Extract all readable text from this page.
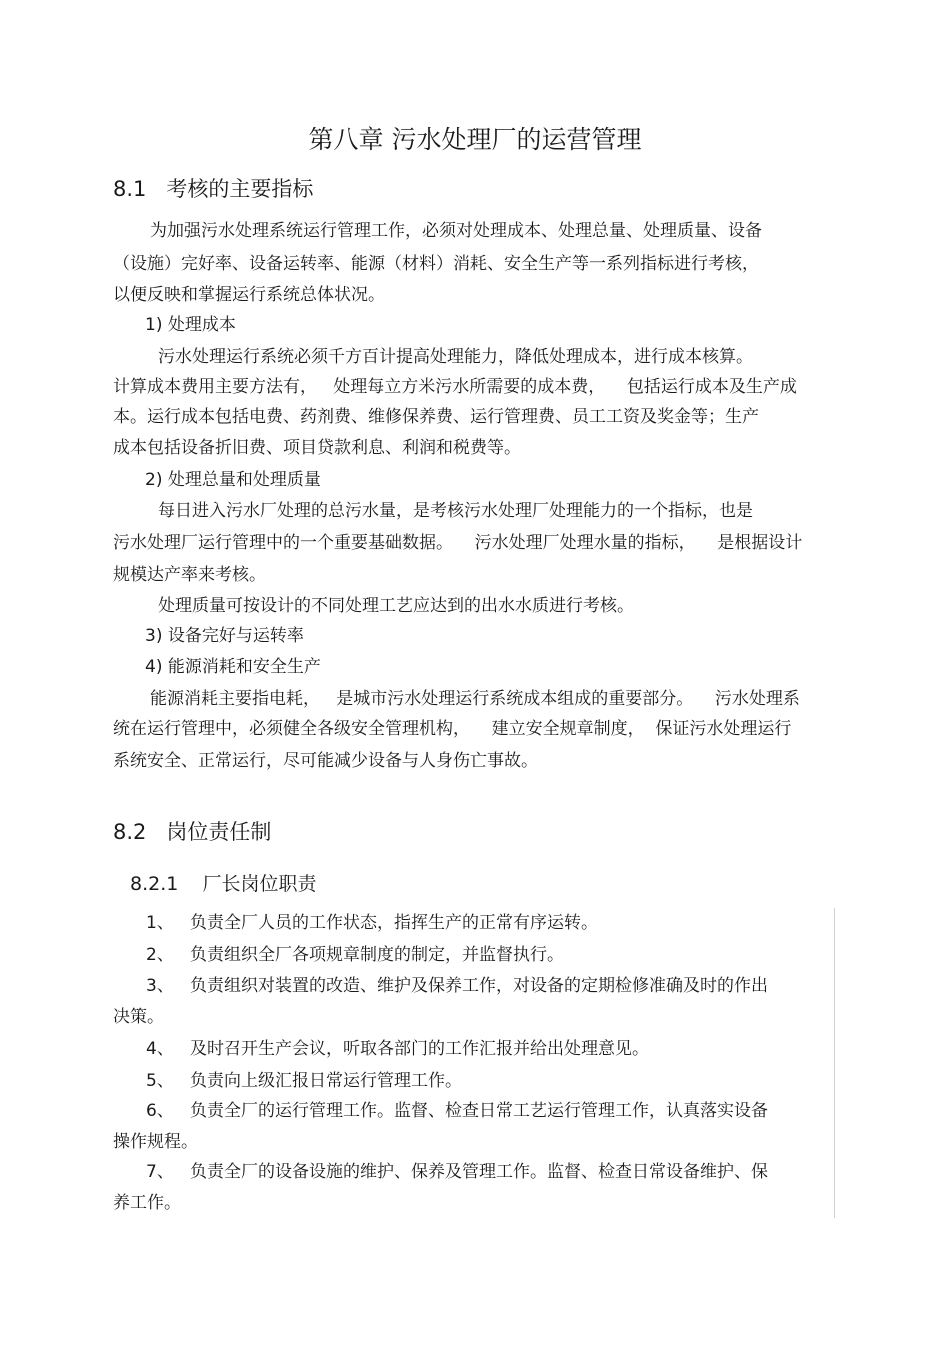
第八章 污水处理厂的运营管理
8.1   考核的主要指标
为加强污水处理系统运行管理工作，必须对处理成本、处理总量、处理质量、设备
（设施）完好率、设备运转率、能源（材料）消耗、安全生产等一系列指标进行考核，
以便反映和掌握运行系统总体状况。
1) 处理成本
污水处理运行系统必须千方百计提高处理能力，降低处理成本，进行成本核算。
计算成本费用主要方法有，   处理每立方米污水所需要的成本费，    包括运行成本及生产成
本。运行成本包括电费、药剂费、维修保养费、运行管理费、员工工资及奖金等；生产
成本包括设备折旧费、项目贷款利息、利润和税费等。
2) 处理总量和处理质量
每日进入污水厂处理的总污水量，是考核污水处理厂处理能力的一个指标，也是
污水处理厂运行管理中的一个重要基础数据。    污水处理厂处理水量的指标，    是根据设计
规模达产率来考核。
处理质量可按设计的不同处理工艺应达到的出水水质进行考核。
3) 设备完好与运转率
4) 能源消耗和安全生产
能源消耗主要指电耗，   是城市污水处理运行系统成本组成的重要部分。    污水处理系
统在运行管理中，必须健全各级安全管理机构，    建立安全规章制度，  保证污水处理运行
系统安全、正常运行，尽可能减少设备与人身伤亡事故。
8.2   岗位责任制
8.2.1    厂长岗位职责
1、   负责全厂人员的工作状态，指挥生产的正常有序运转。
2、   负责组织全厂各项规章制度的制定，并监督执行。
3、   负责组织对装置的改造、维护及保养工作，对设备的定期检修准确及时的作出
决策。
4、   及时召开生产会议，听取各部门的工作汇报并给出处理意见。
5、   负责向上级汇报日常运行管理工作。
6、   负责全厂的运行管理工作。监督、检查日常工艺运行管理工作，认真落实设备
操作规程。
7、   负责全厂的设备设施的维护、保养及管理工作。监督、检查日常设备维护、保
养工作。
